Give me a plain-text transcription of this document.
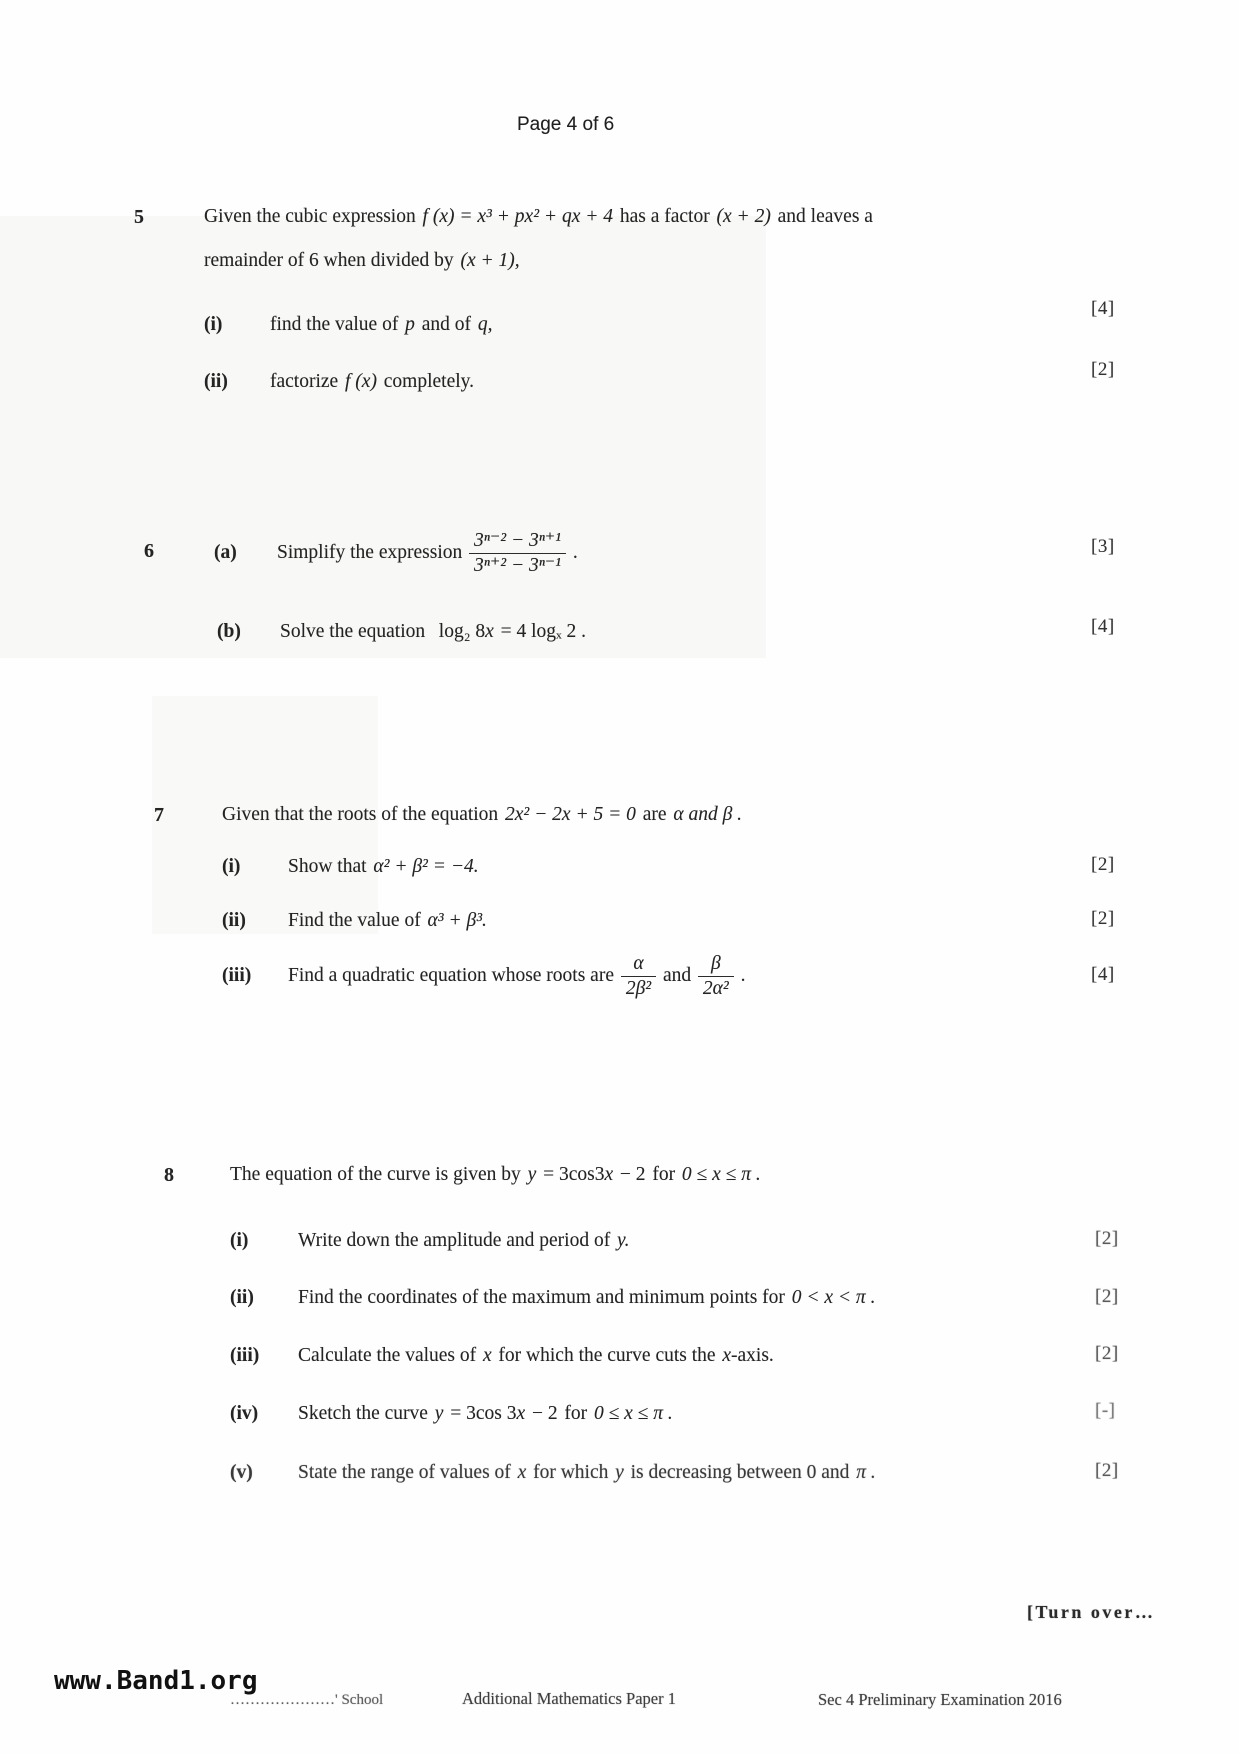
Page 4 of 6
5	Given the cubic expression f (x) = x³ + px² + qx + 4 has a factor (x + 2) and leaves a
remainder of 6 when divided by (x + 1),
(i) find the value of p and of q,
[4]
(ii) factorize f (x) completely.
[2]
6	(a)	Simplify the expression $\frac{\text{3ⁿ⁻² − 3ⁿ⁺¹}}{\text{3ⁿ⁺² − 3ⁿ⁻¹}}$ .	[3]
(b) Solve the equation log₂ 8x = 4 logₓ 2 .	[4]
7	Given that the roots of the equation 2x² − 2x + 5 = 0 are α and β .
(i) Show that α² + β² = −4.	[2]
(ii) Find the value of α³ + β³.	[2]
(iii)	Find a quadratic equation whose roots are $\frac{\alpha}{\text{2β²}}$ and $\frac{\beta}{\text{2α²}}$ .	[4]
8	The equation of the curve is given by y = 3cos3x − 2 for 0 ≤ x ≤ π .
(i)	Write down the amplitude and period of y.	[2]
(ii) Find the coordinates of the maximum and minimum points for 0 < x < π .	[2]
(iii) Calculate the values of x for which the curve cuts the x-axis.	[2]
(iv) Sketch the curve y = 3cos 3x − 2 for 0 ≤ x ≤ π .	[-]
(v) State the range of values of x for which y is decreasing between 0 and π .	[2]
[Turn over…
www.Band1.org
…………………' School	Additional Mathematics Paper 1	Sec 4 Preliminary Examination 2016
